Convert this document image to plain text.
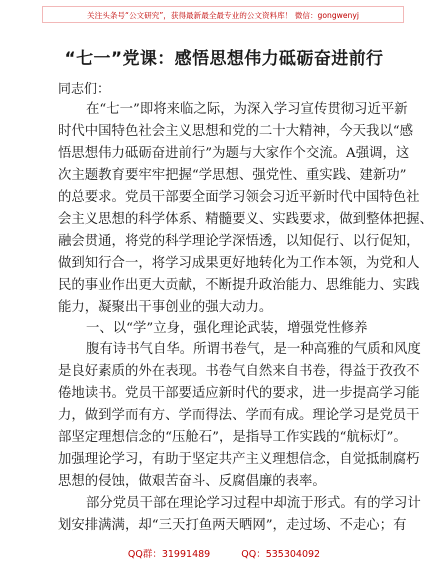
关注头条号“公文研究”，获得最新最全最专业的公文资料库！ 微信：gongwenyj
“七一”党课：感悟思想伟力砥砺奋进前行
同志们：
在“七一”即将来临之际，为深入学习宣传贯彻习近平新
时代中国特色社会主义思想和党的二十大精神，今天我以“感
悟思想伟力砥砺奋进前行”为题与大家作个交流。A强调，这
次主题教育要牢牢把握“学思想、强党性、重实践、建新功”
的总要求。党员干部要全面学习领会习近平新时代中国特色社
会主义思想的科学体系、精髓要义、实践要求，做到整体把握、
融会贯通，将党的科学理论学深悟透，以知促行、以行促知，
做到知行合一，将学习成果更好地转化为工作本领，为党和人
民的事业作出更大贡献，不断提升政治能力、思维能力、实践
能力，凝聚出干事创业的强大动力。
一、以“学”立身，强化理论武装，增强党性修养
腹有诗书气自华。所谓书卷气，是一种高雅的气质和风度
是良好素质的外在表现。书卷气自然来自书卷，得益于孜孜不
倦地读书。党员干部要适应新时代的要求，进一步提高学习能
力，做到学而有方、学而得法、学而有成。理论学习是党员干
部坚定理想信念的“压舱石”，是指导工作实践的“航标灯”。
加强理论学习，有助于坚定共产主义理想信念，自觉抵制腐朽
思想的侵蚀，做艰苦奋斗、反腐倡廉的表率。
部分党员干部在理论学习过程中却流于形式。有的学习计
划安排满满，却“三天打鱼两天晒网”，走过场、不走心；有
QQ群：31991489	QQ：535304092
